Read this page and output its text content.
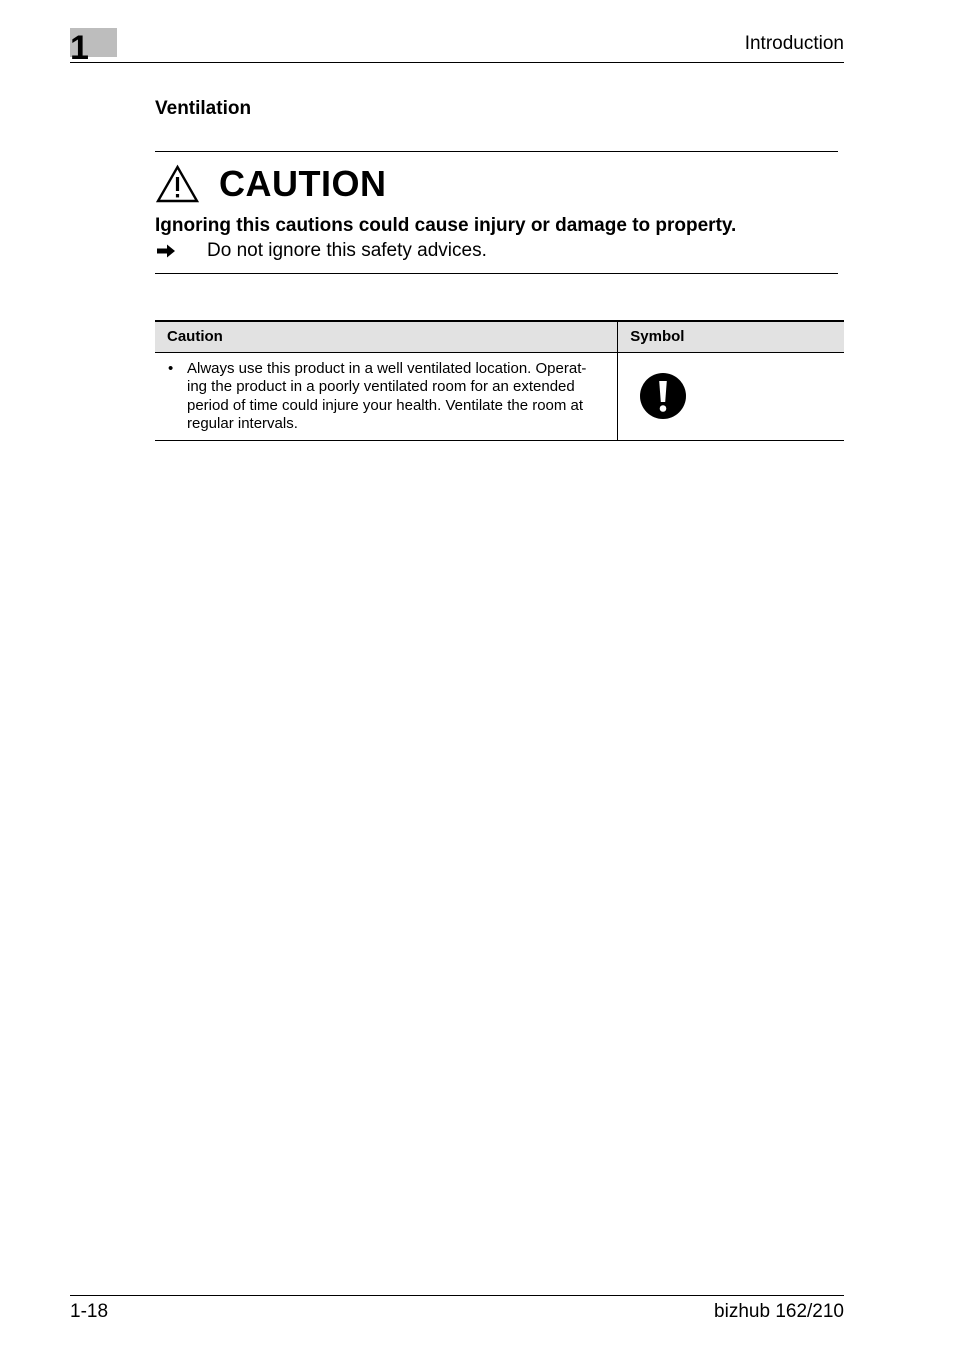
1	Introduction
Ventilation
CAUTION
Ignoring this cautions could cause injury or damage to property.
Do not ignore this safety advices.
Caution	Symbol

• Always use this product in a well ventilated location. Operat-
ing the product in a poorly ventilated room for an extended
period of time could injure your health. Ventilate the room at
regular intervals.

1-18	bizhub 162/210
